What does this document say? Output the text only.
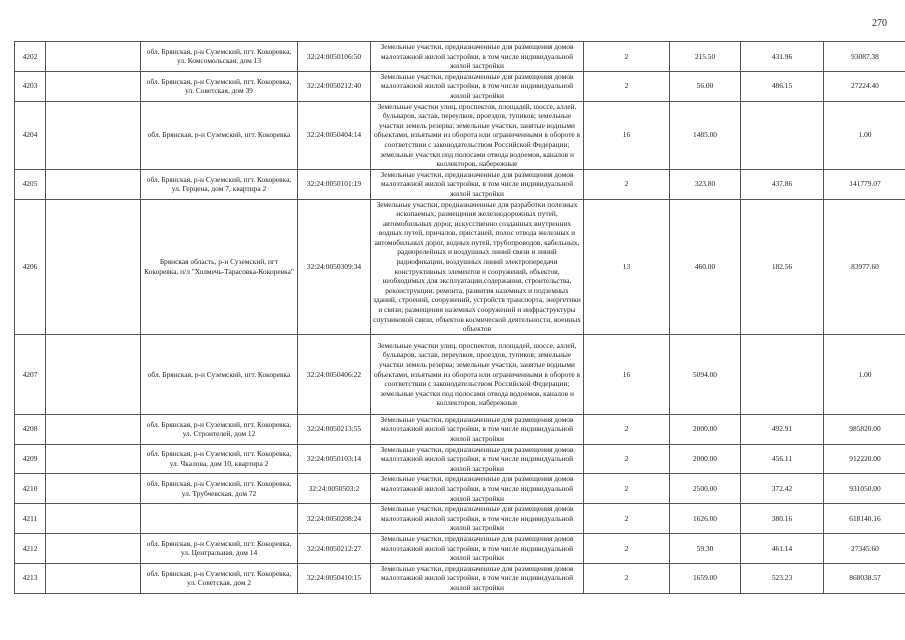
270
4202		обл. Брянская, р-н Суземский, пгт. Кокоревка, ул. Комсомольская, дом 13	32:24:0050106:50	Земельные участки, предназначенные для размещения домов малоэтажной жилой застройки, в том числе индивидуальной жилой застройки	2	215.50	431.96	93087.38
4203		обл. Брянская, р-н Суземский, пгт. Кокоревка, ул. Советская, дом 39	32:24:0050212:40	Земельные участки, предназначенные для размещения домов малоэтажной жилой застройки, в том числе индивидуальной жилой застройки	2	56.00	486.15	27224.40
4204		обл. Брянская, р-н Суземский, пгт. Кокоревка	32:24:0050404:14	Земельные участки улиц, проспектов, площадей, шоссе, аллей, бульваров, застав, переулков, проездов, тупиков; земельные участки земель резерва; земельные участки, занятые водными объектами, изъятыми из оборота или ограниченными в обороте в соответствии с законодательством Российской Федерации; земельные участки под полосами отвода водоемов, каналов и коллекторов, набережные	16	1485.00		1.00
4205		обл. Брянская, р-н Суземский, пгт. Кокоревка, ул. Герцена, дом 7, квартира 2	32:24:0050101:19	Земельные участки, предназначенные для размещения домов малоэтажной жилой застройки, в том числе индивидуальной жилой застройки	2	323.80	437.86	141779.07
4206		Брянская область, р-н Суземский, пгт Кокоревка, п/л "Холмечь-Тарасовка-Кокоревка"	32:24:0050309:34	Земельные участки, предназначенные для разработки полезных ископаемых, размещения железнодорожных путей, автомобильных дорог, искусственно созданных внутренних водных путей, причалов, пристаней, полос отвода железных и автомобильных дорог, водных путей, трубопроводов, кабельных, радиорелейных и воздушных линий связи и линий радиофикации, воздушных линий электропередачи конструктивных элементов и сооружений, объектов, необходимых для эксплуатации,содержания, строительства, реконструкции, ремонта, развития наземных и подземных зданий, строений, сооружений, устройств транспорта, энергетики и связи; размещения наземных сооружений и инфраструктуры спутниковой связи, объектов космической деятельности, военных объектов	13	460.00	182.56	83977.60
4207		обл. Брянская, р-н Суземский, пгт. Кокоревка	32:24:0050406:22	Земельные участки улиц, проспектов, площадей, шоссе, аллей, бульваров, застав, переулков, проездов, тупиков; земельные участки земель резерва; земельные участки, занятые водными объектами, изъятыми из оборота или ограниченными в обороте в соответствии с законодательством Российской Федерации; земельные участки под полосами отвода водоемов, каналов и коллекторов, набережные	16	5094.00		1.00
4208		обл. Брянская, р-н Суземский, пгт. Кокоревка, ул. Строителей, дом 12	32:24:0050213:55	Земельные участки, предназначенные для размещения домов малоэтажной жилой застройки, в том числе индивидуальной жилой застройки	2	2000.00	492.91	985820.00
4209		обл. Брянская, р-н Суземский, пгт. Кокоревка, ул. Чкалова, дом 10, квартира 2	32:24:0050103:14	Земельные участки, предназначенные для размещения домов малоэтажной жилой застройки, в том числе индивидуальной жилой застройки	2	2000.00	456.11	912220.00
4210		обл. Брянская, р-н Суземский, пгт. Кокоревка, ул. Трубчевская, дом 72	32:24:0050503:2	Земельные участки, предназначенные для размещения домов малоэтажной жилой застройки, в том числе индивидуальной жилой застройки	2	2500.00	372.42	931050.00
4211			32:24:0050208:24	Земельные участки, предназначенные для размещения домов малоэтажной жилой застройки, в том числе индивидуальной жилой застройки	2	1626.00	380.16	618140.16
4212		обл. Брянская, р-н Суземский, пгт. Кокоревка, ул. Центральная, дом 14	32:24:0050212:27	Земельные участки, предназначенные для размещения домов малоэтажной жилой застройки, в том числе индивидуальной жилой застройки	2	59.30	461.14	27345.60
4213		обл. Брянская, р-н Суземский, пгт. Кокоревка, ул. Советская, дом 2	32:24:0050410:15	Земельные участки, предназначенные для размещения домов малоэтажной жилой застройки, в том числе индивидуальной жилой застройки	2	1659.00	523.23	868038.57
